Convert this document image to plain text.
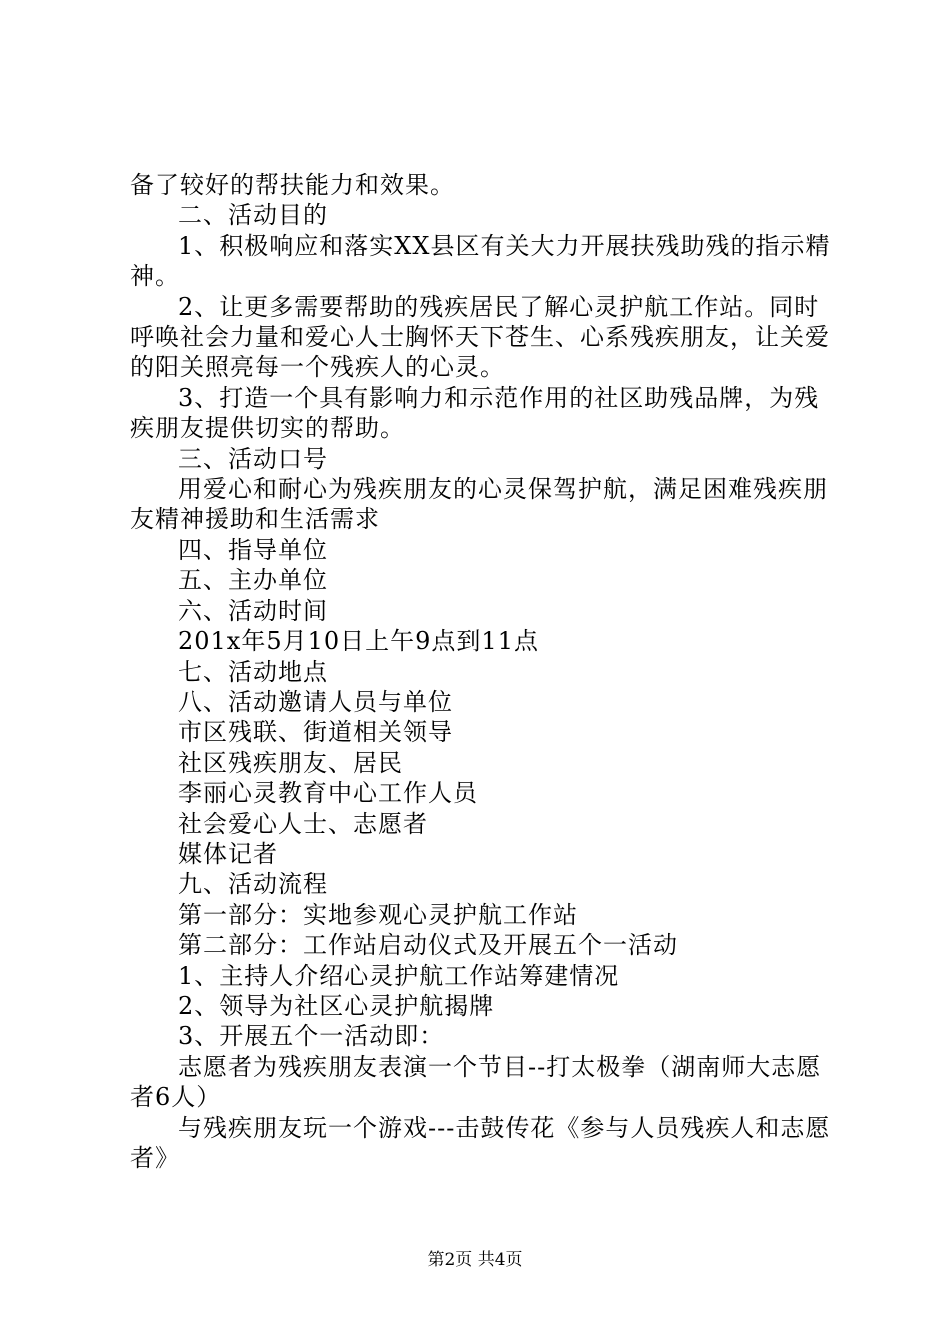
备了较好的帮扶能力和效果。

二、活动目的

1、积极响应和落实XX县区有关大力开展扶残助残的指示精神。

2、让更多需要帮助的残疾居民了解心灵护航工作站。同时呼唤社会力量和爱心人士胸怀天下苍生、心系残疾朋友，让关爱的阳关照亮每一个残疾人的心灵。

3、打造一个具有影响力和示范作用的社区助残品牌，为残疾朋友提供切实的帮助。

三、活动口号

用爱心和耐心为残疾朋友的心灵保驾护航，满足困难残疾朋友精神援助和生活需求

四、指导单位

五、主办单位

六、活动时间

201x年5月10日上午9点到11点

七、活动地点

八、活动邀请人员与单位

市区残联、街道相关领导

社区残疾朋友、居民

李丽心灵教育中心工作人员

社会爱心人士、志愿者

媒体记者

九、活动流程

第一部分：实地参观心灵护航工作站

第二部分：工作站启动仪式及开展五个一活动

1、主持人介绍心灵护航工作站筹建情况

2、领导为社区心灵护航揭牌

3、开展五个一活动即：

志愿者为残疾朋友表演一个节目--打太极拳（湖南师大志愿者6人）

与残疾朋友玩一个游戏---击鼓传花《参与人员残疾人和志愿者》

第2页 共4页
